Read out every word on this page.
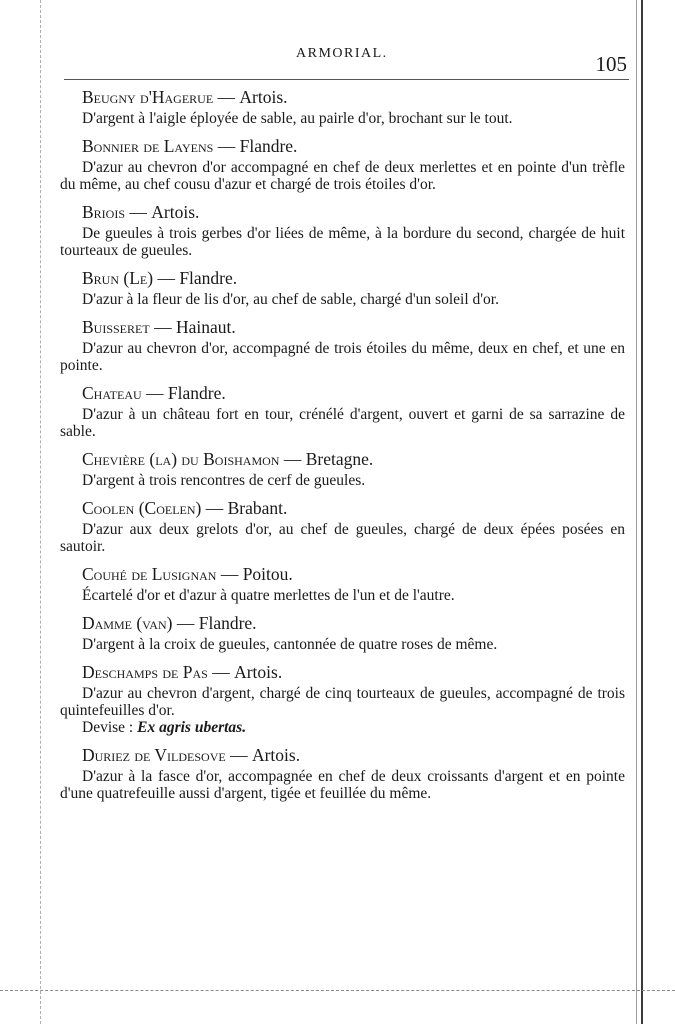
ARMORIAL.	105
Beugny d'Hagerue — Artois.

D'argent à l'aigle éployée de sable, au pairle d'or, brochant sur le tout.

Bonnier de Layens — Flandre.

D'azur au chevron d'or accompagné en chef de deux merlettes et en pointe d'un trèfle du même, au chef cousu d'azur et chargé de trois étoiles d'or.

Briois — Artois.

De gueules à trois gerbes d'or liées de même, à la bordure du second, chargée de huit tourteaux de gueules.

Brun (Le) — Flandre.

D'azur à la fleur de lis d'or, au chef de sable, chargé d'un soleil d'or.

Buisseret — Hainaut.

D'azur au chevron d'or, accompagné de trois étoiles du même, deux en chef, et une en pointe.

Chateau — Flandre.

D'azur à un château fort en tour, crénélé d'argent, ouvert et garni de sa sarrazine de sable.

Chevière (la) du Boishamon — Bretagne.

D'argent à trois rencontres de cerf de gueules.

Coolen (Coelen) — Brabant.

D'azur aux deux grelots d'or, au chef de gueules, chargé de deux épées posées en sautoir.

Couhé de Lusignan — Poitou.

Écartelé d'or et d'azur à quatre merlettes de l'un et de l'autre.

Damme (van) — Flandre.

D'argent à la croix de gueules, cantonnée de quatre roses de même.

Deschamps de Pas — Artois.

D'azur au chevron d'argent, chargé de cinq tourteaux de gueules, accompagné de trois quintefeuilles d'or.

Devise : Ex agris ubertas.
Duriez de Vildesove — Artois.

D'azur à la fasce d'or, accompagnée en chef de deux croissants d'argent et en pointe d'une quatrefeuille aussi d'argent, tigée et feuillée du même.
